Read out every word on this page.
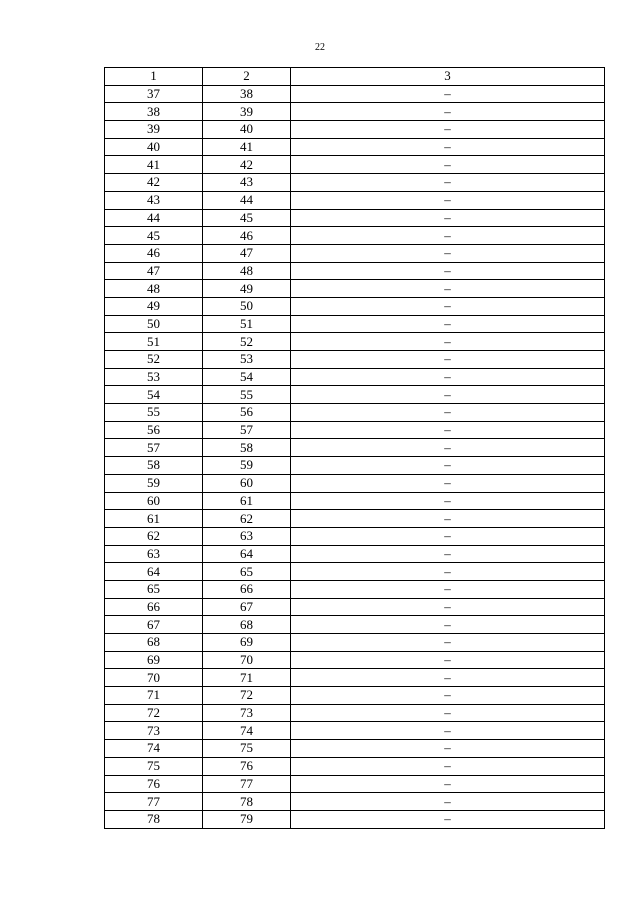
22
1	2	3
37	38	–
38	39	–
39	40	–
40	41	–
41	42	–
42	43	–
43	44	–
44	45	–
45	46	–
46	47	–
47	48	–
48	49	–
49	50	–
50	51	–
51	52	–
52	53	–
53	54	–
54	55	–
55	56	–
56	57	–
57	58	–
58	59	–
59	60	–
60	61	–
61	62	–
62	63	–
63	64	–
64	65	–
65	66	–
66	67	–
67	68	–
68	69	–
69	70	–
70	71	–
71	72	–
72	73	–
73	74	–
74	75	–
75	76	–
76	77	–
77	78	–
78	79	–
